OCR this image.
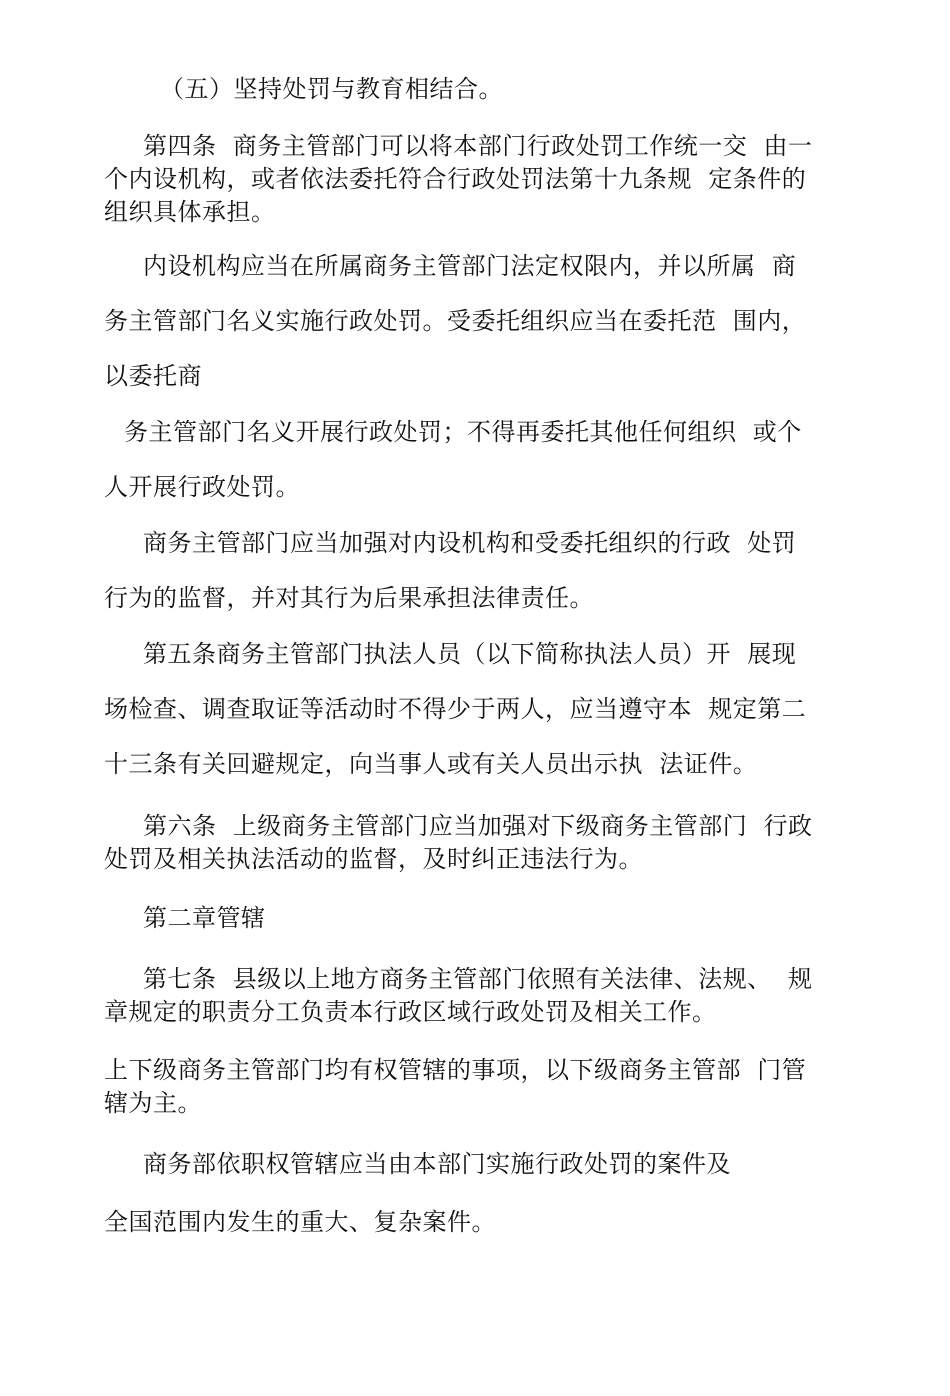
（五）坚持处罚与教育相结合。
第四条  商务主管部门可以将本部门行政处罚工作统一交  由一
个内设机构，或者依法委托符合行政处罚法第十九条规  定条件的
组织具体承担。
内设机构应当在所属商务主管部门法定权限内，并以所属  商
务主管部门名义实施行政处罚。受委托组织应当在委托范  围内，
以委托商
务主管部门名义开展行政处罚；不得再委托其他任何组织  或个
人开展行政处罚。
商务主管部门应当加强对内设机构和受委托组织的行政  处罚
行为的监督，并对其行为后果承担法律责任。
第五条商务主管部门执法人员（以下简称执法人员）开  展现
场检查、调查取证等活动时不得少于两人，应当遵守本  规定第二
十三条有关回避规定，向当事人或有关人员出示执  法证件。
第六条  上级商务主管部门应当加强对下级商务主管部门  行政
处罚及相关执法活动的监督，及时纠正违法行为。
第二章管辖
第七条  县级以上地方商务主管部门依照有关法律、法规、  规
章规定的职责分工负责本行政区域行政处罚及相关工作。
上下级商务主管部门均有权管辖的事项，以下级商务主管部  门管
辖为主。
商务部依职权管辖应当由本部门实施行政处罚的案件及
全国范围内发生的重大、复杂案件。
